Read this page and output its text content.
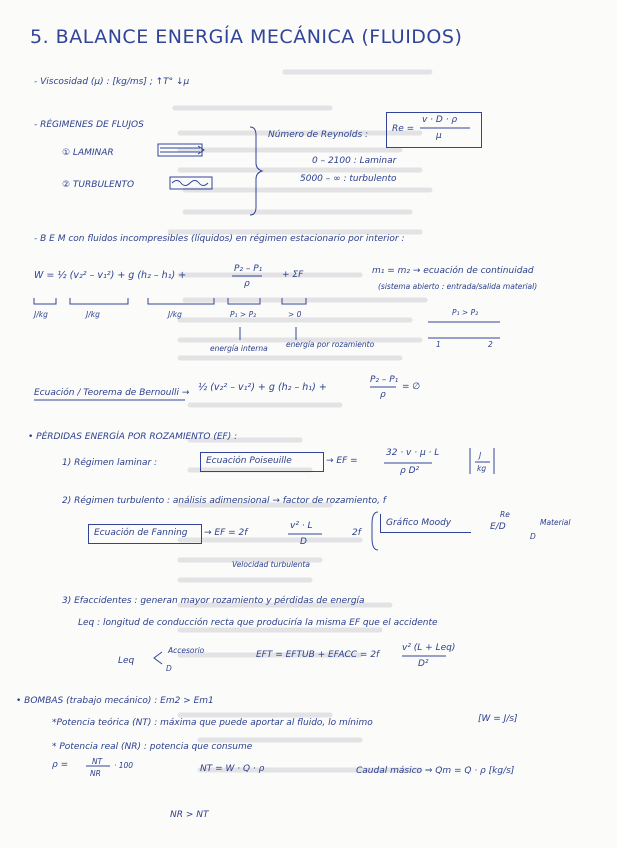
5. BALANCE ENERGÍA MECÁNICA (FLUIDOS)
- Viscosidad (μ) : [kg/ms] ; ↑T° ↓μ
- RÉGIMENES DE FLUJOS
① LAMINAR
② TURBULENTO
Número de Reynolds :
Re =
v · D · ρ
μ
0 – 2100 : Laminar
5000 – ∞ : turbulento
- B E M con fluidos incompresibles (líquidos) en régimen estacionario por interior :
W = ½ (v₂² – v₁²) + g (h₂ – h₁) +
P₂ – P₁
ρ
+ ΣF
J/kg	J/kg	J/kg	P₁ > P₂	> 0
energía interna energía por rozamiento
m₁ = m₂ → ecuación de continuidad
(sistema abierto : entrada/salida material)
P₁ > P₂
1	2
Ecuación / Teorema de Bernoulli → ½ (v₂² – v₁²) + g (h₂ – h₁) +
P₂ – P₁
ρ
= ∅
• PÉRDIDAS ENERGÍA POR ROZAMIENTO (EF) :
1) Régimen laminar :	Ecuación Poiseuille	→ EF =
32 · v · μ · L
ρ D²
J
kg
2) Régimen turbulento : análisis adimensional → factor de rozamiento, f
Ecuación de Fanning → EF = 2f
v² · L
D
Velocidad turbulenta
2f
Gráfico Moody
Re
E/D	Material
D
3) Efaccidentes : generan mayor rozamiento y pérdidas de energía
Leq : longitud de conducción recta que produciría la misma EF que el accidente
Leq
Accesorio
D
EFT = EFTUB + EFACC = 2f
v² (L + Leq)
D²
• BOMBAS (trabajo mecánico) : Em2 > Em1
*Potencia teórica (NT) : máxima que puede aportar al fluido, lo mínimo	[W = J/s]
* Potencia real (NR) : potencia que consume
ρ =	NT
NR
· 100	NT = W · Q · ρ	Caudal másico ⇒ Qm = Q · ρ [kg/s]
NR > NT
